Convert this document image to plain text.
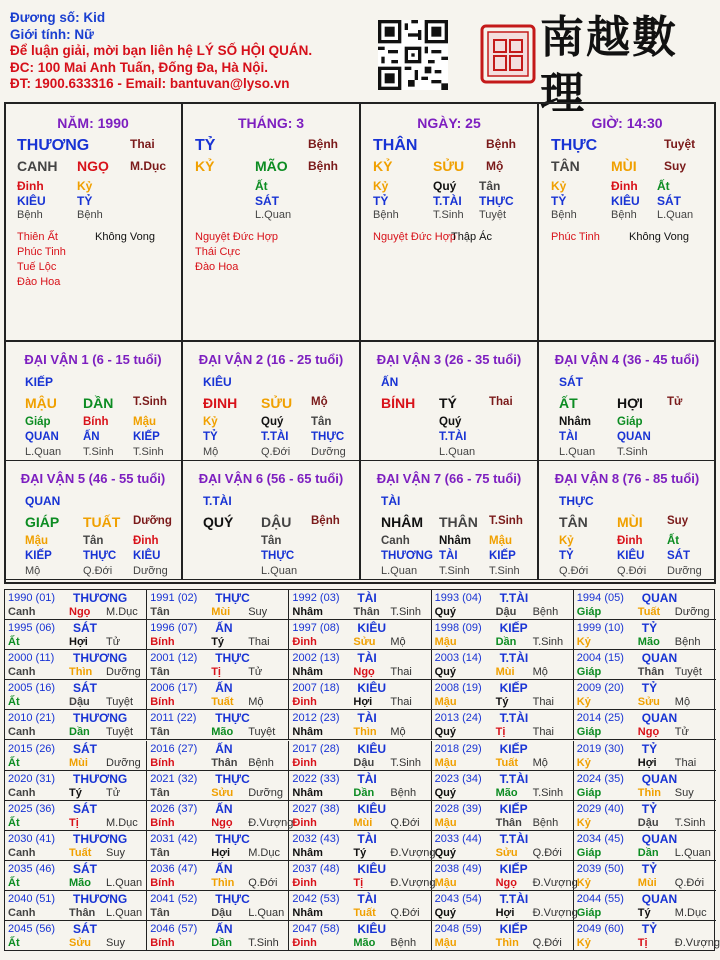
Đương số: Kid
Giới tính: Nữ
Để luận giải, mời bạn liên hệ LÝ SỐ HỘI QUÁN.
ĐC: 100 Mai Anh Tuấn, Đống Đa, Hà Nội.
ĐT: 1900.633316 - Email: bantuvan@lyso.vn
南越數理
NĂM: 1990
THƯƠNG	Thai
CANH NGỌ M.Dục
Đinh	Kỷ
KIÊU	TỶ
Bệnh	Bệnh
Thiên Ất
Phúc Tinh
Tuế Lộc
Đào Hoa
Không Vong
THÁNG: 3
TỶ	Bệnh
KỶ	MÃO Bệnh
Ất
SÁT
L.Quan
Nguyệt Đức Hợp
Thái Cực
Đào Hoa
NGÀY: 25
THÂN	Bệnh
KỶ	SỬU Mộ
Kỷ	Quý Tân
TỶ	T.TÀI THỰC
Bệnh	T.Sinh Tuyệt
Nguyệt Đức Hợp
Thập Ác
GIỜ: 14:30
THỰC	Tuyệt
TÂN MÙI Suy
Kỷ	Đinh Ất
TỶ	KIÊU SÁT
Bệnh	Bệnh L.Quan
Phúc Tinh	Không Vong
ĐẠI VẬN 1 (6 - 15 tuổi)
KIẾP
MẬU DẦN T.Sinh
Giáp	Bính Mậu
QUAN ẤN	KIẾP
L.Quan T.Sinh T.Sinh
ĐẠI VẬN 2 (16 - 25 tuổi)
KIÊU
ĐINH SỬU Mộ
Kỷ	Quý Tân
TỶ	T.TÀI THỰC
Mộ	Q.Đới Dưỡng
ĐẠI VẬN 3 (26 - 35 tuổi)
ẤN
BÍNH TÝ	Thai
Quý
T.TÀI
L.Quan
ĐẠI VẬN 4 (36 - 45 tuổi)
SÁT
ẤT	HỢI Tử
Nhâm Giáp
TÀI	QUAN
L.Quan T.Sinh
ĐẠI VẬN 5 (46 - 55 tuổi)
QUAN
GIÁP TUẤT Dưỡng
Mậu	Tân	Đinh
KIẾP	THỰC KIÊU
Mộ	Q.Đới Dưỡng
ĐẠI VẬN 6 (56 - 65 tuổi)
T.TÀI
QUÝ DẬU Bệnh
Tân
THỰC
L.Quan
ĐẠI VẬN 7 (66 - 75 tuổi)
TÀI
NHÂM THÂN T.Sinh
Canh	Nhâm Mậu
THƯƠNG TÀI	KIẾP
L.Quan T.Sinh T.Sinh
ĐẠI VẬN 8 (76 - 85 tuổi)
THỰC
TÂN MÙI Suy
Kỷ	Đinh Ất
TỶ	KIÊU SÁT
Q.Đới	Q.Đới Dưỡng
1990 (01) THƯƠNG
Canh	Ngọ M.Dục
1991 (02) THỰC
Tân	Mùi Suy
1992 (03) TÀI
Nhâm	Thân T.Sinh
1993 (04) T.TÀI
Quý	Dậu Bệnh
1994 (05) QUAN
Giáp	Tuất Dưỡng
1995 (06) SÁT
Ất	Hợi Tử
1996 (07) ẤN
Bính	Tý Thai
1997 (08) KIÊU
Đinh	Sửu Mộ
1998 (09) KIẾP
Mậu	Dần T.Sinh
1999 (10) TỶ
Kỷ	Mão Bệnh
2000 (11) THƯƠNG
Canh	Thìn Dưỡng
2001 (12) THỰC
Tân	Tị Tử
2002 (13) TÀI
Nhâm	Ngọ Thai
2003 (14) T.TÀI
Quý	Mùi Mộ
2004 (15) QUAN
Giáp	Thân Tuyệt
2005 (16) SÁT
Ất	Dậu Tuyệt
2006 (17) ẤN
Bính	Tuất Mộ
2007 (18) KIÊU
Đinh	Hợi Thai
2008 (19) KIẾP
Mậu	Tý Thai
2009 (20) TỶ
Kỷ	Sửu Mộ
2010 (21) THƯƠNG
Canh	Dần Tuyệt
2011 (22) THỰC
Tân	Mão Tuyệt
2012 (23) TÀI
Nhâm	Thìn Mộ
2013 (24) T.TÀI
Quý	Tị Thai
2014 (25) QUAN
Giáp	Ngọ Tử
2015 (26) SÁT
Ất	Mùi Dưỡng
2016 (27) ẤN
Bính	Thân Bệnh
2017 (28) KIÊU
Đinh	Dậu T.Sinh
2018 (29) KIẾP
Mậu	Tuất Mộ
2019 (30) TỶ
Kỷ	Hợi Thai
2020 (31) THƯƠNG
Canh	Tý Tử
2021 (32) THỰC
Tân	Sửu Dưỡng
2022 (33) TÀI
Nhâm	Dần Bệnh
2023 (34) T.TÀI
Quý	Mão T.Sinh
2024 (35) QUAN
Giáp	Thìn Suy
2025 (36) SÁT
Ất	Tị M.Dục
2026 (37) ẤN
Bính	Ngọ Đ.Vượng
2027 (38) KIÊU
Đinh	Mùi Q.Đới
2028 (39) KIẾP
Mậu	Thân Bệnh
2029 (40) TỶ
Kỷ	Dậu T.Sinh
2030 (41) THƯƠNG
Canh	Tuất Suy
2031 (42) THỰC
Tân	Hợi M.Dục
2032 (43) TÀI
Nhâm	Tý Đ.Vượng
2033 (44) T.TÀI
Quý	Sửu Q.Đới
2034 (45) QUAN
Giáp	Dần L.Quan
2035 (46) SÁT
Ất	Mão L.Quan
2036 (47) ẤN
Bính	Thìn Q.Đới
2037 (48) KIÊU
Đinh	Tị Đ.Vượng
2038 (49) KIẾP
Mậu	Ngọ Đ.Vượng
2039 (50) TỶ
Kỷ	Mùi Q.Đới
2040 (51) THƯƠNG
Canh	Thân L.Quan
2041 (52) THỰC
Tân	Dậu L.Quan
2042 (53) TÀI
Nhâm	Tuất Q.Đới
2043 (54) T.TÀI
Quý	Hợi Đ.Vượng
2044 (55) QUAN
Giáp	Tý M.Dục
2045 (56) SÁT
Ất	Sửu Suy
2046 (57) ẤN
Bính	Dần T.Sinh
2047 (58) KIÊU
Đinh	Mão Bệnh
2048 (59) KIẾP
Mậu	Thìn Q.Đới
2049 (60) TỶ
Kỷ	Tị Đ.Vượng
